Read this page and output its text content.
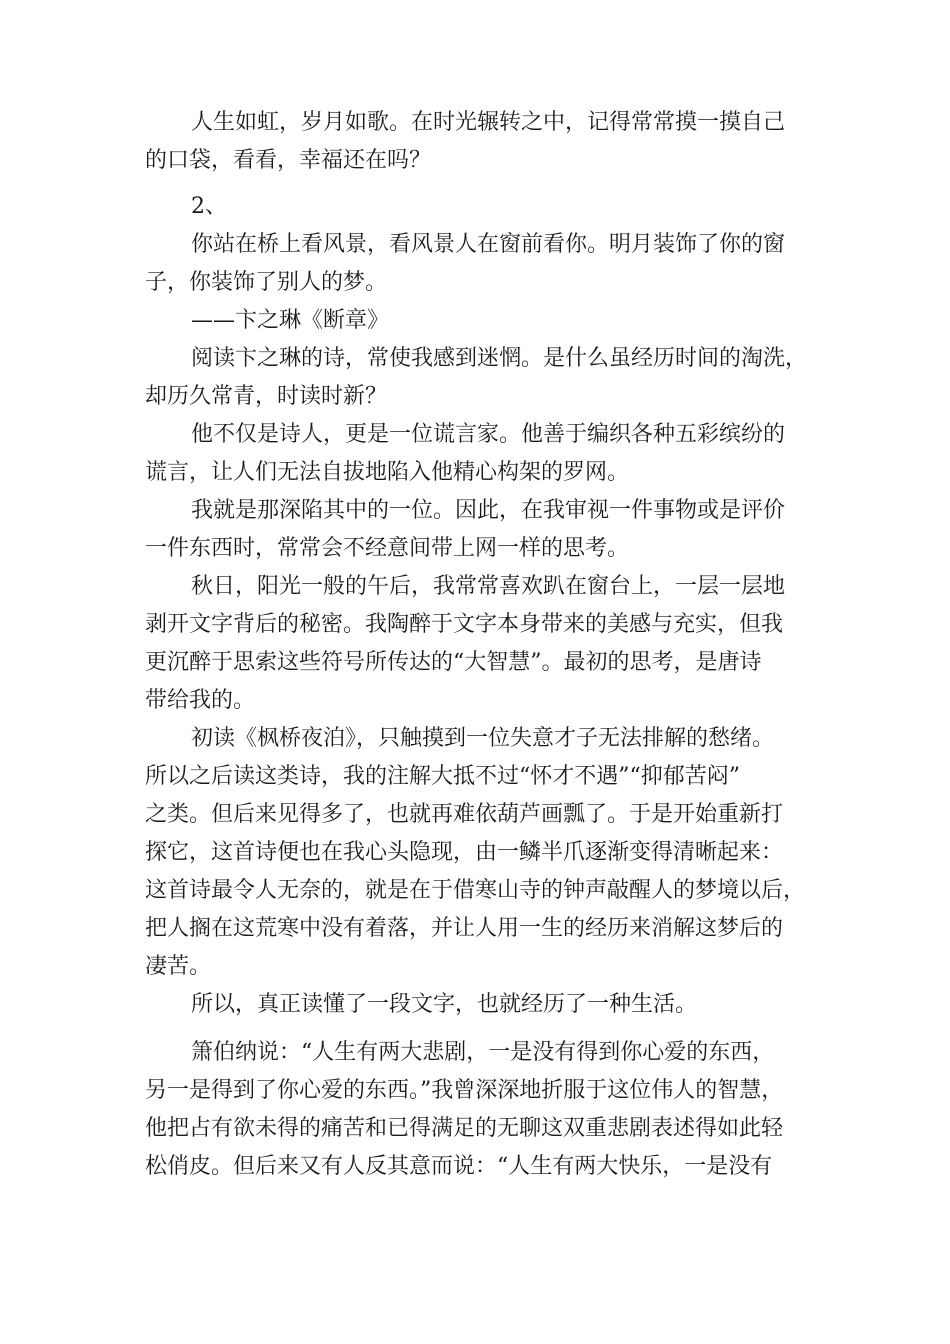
人生如虹，岁月如歌。在时光辗转之中，记得常常摸一摸自己
的口袋，看看，幸福还在吗？
2、
你站在桥上看风景，看风景人在窗前看你。明月装饰了你的窗
子，你装饰了别人的梦。
——卞之琳《断章》
阅读卞之琳的诗，常使我感到迷惘。是什么虽经历时间的淘洗，
却历久常青，时读时新？
他不仅是诗人，更是一位谎言家。他善于编织各种五彩缤纷的
谎言，让人们无法自拔地陷入他精心构架的罗网。
我就是那深陷其中的一位。因此，在我审视一件事物或是评价
一件东西时，常常会不经意间带上网一样的思考。
秋日，阳光一般的午后，我常常喜欢趴在窗台上，一层一层地
剥开文字背后的秘密。我陶醉于文字本身带来的美感与充实，但我
更沉醉于思索这些符号所传达的“大智慧”。最初的思考，是唐诗
带给我的。
初读《枫桥夜泊》，只触摸到一位失意才子无法排解的愁绪。
所以之后读这类诗，我的注解大抵不过“怀才不遇”“抑郁苦闷”
之类。但后来见得多了，也就再难依葫芦画瓢了。于是开始重新打
探它，这首诗便也在我心头隐现，由一鳞半爪逐渐变得清晰起来：
这首诗最令人无奈的，就是在于借寒山寺的钟声敲醒人的梦境以后，
把人搁在这荒寒中没有着落，并让人用一生的经历来消解这梦后的
凄苦。
所以，真正读懂了一段文字，也就经历了一种生活。
箫伯纳说：“人生有两大悲剧，一是没有得到你心爱的东西，
另一是得到了你心爱的东西。”我曾深深地折服于这位伟人的智慧，
他把占有欲未得的痛苦和已得满足的无聊这双重悲剧表述得如此轻
松俏皮。但后来又有人反其意而说：“人生有两大快乐，一是没有
